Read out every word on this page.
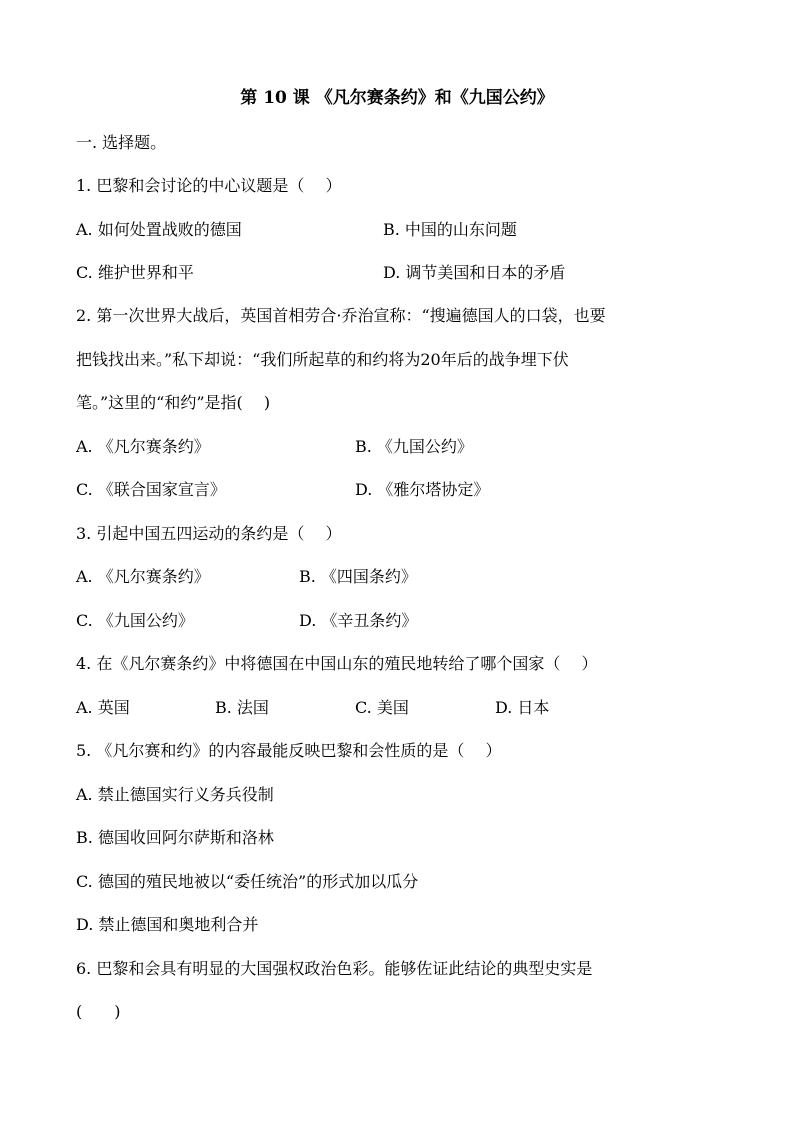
第 10 课 《凡尔赛条约》和《九国公约》
一. 选择题。
1. 巴黎和会讨论的中心议题是（　 ）
A. 如何处置战败的德国	B. 中国的山东问题
C. 维护世界和平	D. 调节美国和日本的矛盾
2. 第一次世界大战后，英国首相劳合·乔治宣称：“搜遍德国人的口袋，也要
把钱找出来。”私下却说：“我们所起草的和约将为20年后的战争埋下伏
笔。”这里的“和约”是指(　 )
A. 《凡尔赛条约》	B. 《九国公约》
C. 《联合国家宣言》	D. 《雅尔塔协定》
3. 引起中国五四运动的条约是（　 ）
A. 《凡尔赛条约》	B. 《四国条约》
C. 《九国公约》	D. 《辛丑条约》
4. 在《凡尔赛条约》中将德国在中国山东的殖民地转给了哪个国家（　 ）
A. 英国	B. 法国	C. 美国	D. 日本
5. 《凡尔赛和约》的内容最能反映巴黎和会性质的是（　 ）
A. 禁止德国实行义务兵役制
B. 德国收回阿尔萨斯和洛林
C. 德国的殖民地被以“委任统治”的形式加以瓜分
D. 禁止德国和奥地利合并
6. 巴黎和会具有明显的大国强权政治色彩。能够佐证此结论的典型史实是
(　　)
